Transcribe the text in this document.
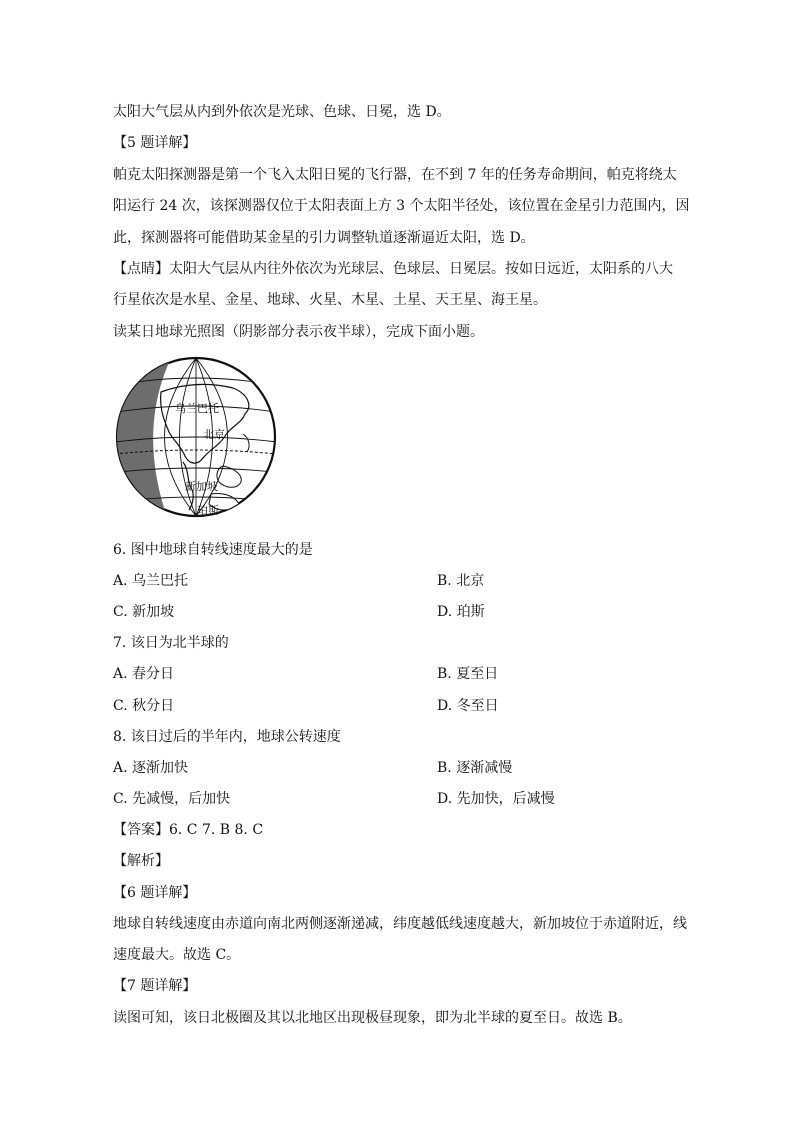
太阳大气层从内到外依次是光球、色球、日冕，选 D。
【5 题详解】
帕克太阳探测器是第一个飞入太阳日冕的飞行器，在不到 7 年的任务寿命期间，帕克将绕太
阳运行 24 次，该探测器仅位于太阳表面上方 3 个太阳半径处，该位置在金星引力范围内，因
此，探测器将可能借助某金星的引力调整轨道逐渐逼近太阳，选 D。
【点睛】太阳大气层从内往外依次为光球层、色球层、日冕层。按如日远近，太阳系的八大
行星依次是水星、金星、地球、火星、木星、土星、天王星、海王星。
读某日地球光照图（阴影部分表示夜半球），完成下面小题。
乌兰巴托
北京
新加坡
珀斯
6. 图中地球自转线速度最大的是
A. 乌兰巴托	B. 北京
C. 新加坡	D. 珀斯
7. 该日为北半球的
A. 春分日	B. 夏至日
C. 秋分日	D. 冬至日
8. 该日过后的半年内，地球公转速度
A. 逐渐加快	B. 逐渐减慢
C. 先减慢，后加快	D. 先加快，后减慢
【答案】6. C 7. B 8. C
【解析】
【6 题详解】
地球自转线速度由赤道向南北两侧逐渐递减，纬度越低线速度越大，新加坡位于赤道附近，线
速度最大。故选 C。
【7 题详解】
读图可知，该日北极圈及其以北地区出现极昼现象，即为北半球的夏至日。故选 B。
